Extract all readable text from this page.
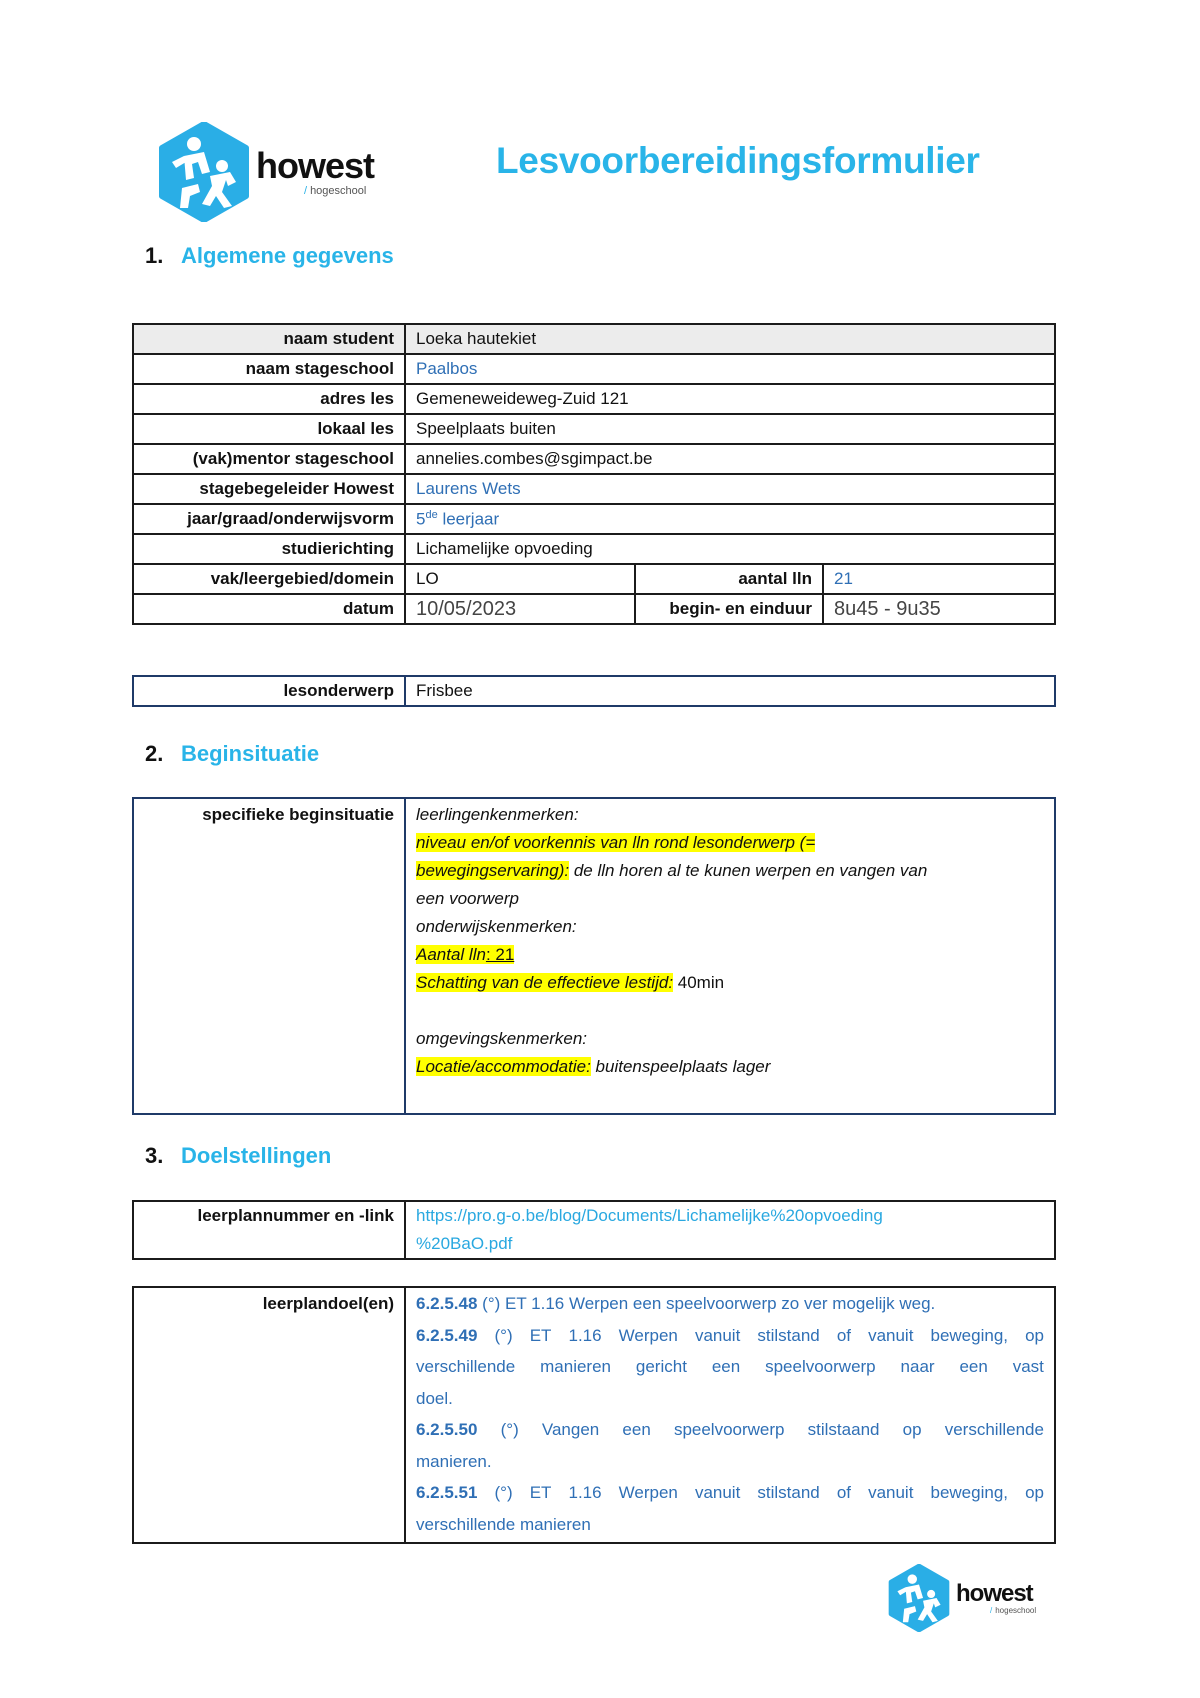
howest
/ hogeschool
Lesvoorbereidingsformulier
1. Algemene gegevens
naam student	Loeka hautekiet		
naam stageschool	Paalbos		
adres les	Gemeneweideweg-Zuid 121		
lokaal les	Speelplaats buiten		
(vak)mentor stageschool	annelies.combes@sgimpact.be		
stagebegeleider Howest	Laurens Wets		
jaar/graad/onderwijsvorm	5de leerjaar		
studierichting	Lichamelijke opvoeding		
vak/leergebied/domein	LO	aantal lln	21
datum	10/05/2023	begin- en einduur	8u45 - 9u35
lesonderwerp	Frisbee
2. Beginsituatie
specifieke beginsituatie	leerlingenkenmerken:
niveau en/of voorkennis van lln rond lesonderwerp (=
bewegingservaring): de lln horen al te kunen werpen en vangen van
een voorwerp
onderwijskenmerken:
Aantal lln: 21
Schatting van de effectieve lestijd: 40min
omgevingskenmerken:
Locatie/accommodatie: buitenspeelplaats lager
3. Doelstellingen
leerplannummer en -link	https://pro.g-o.be/blog/Documents/Lichamelijke%20opvoeding
%20BaO.pdf
leerplandoel(en)	6.2.5.48 (°) ET 1.16 Werpen een speelvoorwerp zo ver mogelijk weg.
6.2.5.49 (°) ET 1.16 Werpen vanuit stilstand of vanuit beweging, op
verschillende manieren gericht een speelvoorwerp naar een vast
doel.
6.2.5.50 (°) Vangen een speelvoorwerp stilstaand op verschillende
manieren.
6.2.5.51 (°) ET 1.16 Werpen vanuit stilstand of vanuit beweging, op
verschillende manieren
howest
/ hogeschool
